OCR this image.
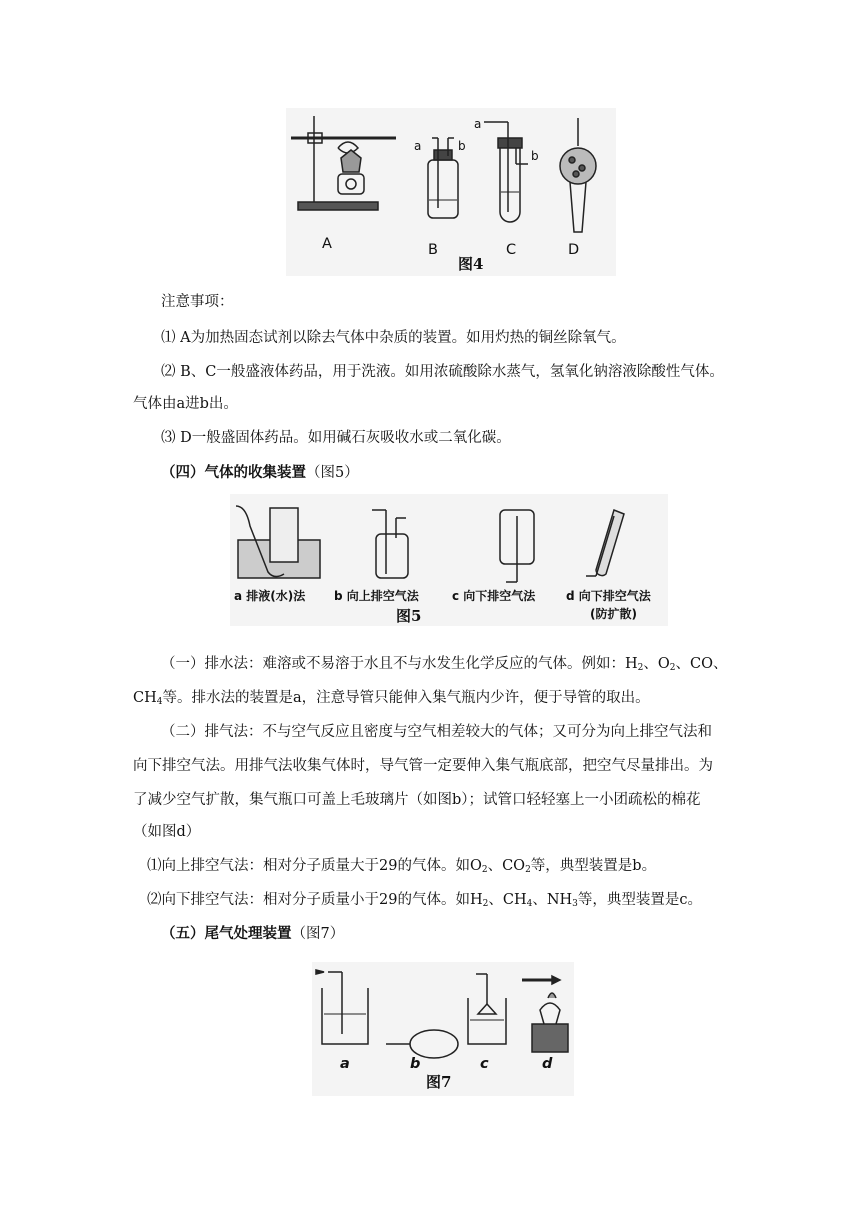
a	b
a
b
A	B	C	D
图4
注意事项：
⑴ A为加热固态试剂以除去气体中杂质的装置。如用灼热的铜丝除氧气。
⑵ B、C一般盛液体药品，用于洗液。如用浓硫酸除水蒸气，氢氧化钠溶液除酸性气体。
气体由a进b出。
⑶ D一般盛固体药品。如用碱石灰吸收水或二氧化碳。
（四）气体的收集装置（图5）
a 排液(水)法 b 向上排空气法	c 向下排空气法	d 向下排空气法
(防扩散)
图5
（一）排水法：难溶或不易溶于水且不与水发生化学反应的气体。例如：$H_2$、$O_2$、CO、
$CH_4$等。排水法的装置是a，注意导管只能伸入集气瓶内少许，便于导管的取出。
（二）排气法：不与空气反应且密度与空气相差较大的气体；又可分为向上排空气法和
向下排空气法。用排气法收集气体时，导气管一定要伸入集气瓶底部，把空气尽量排出。为
了减少空气扩散，集气瓶口可盖上毛玻璃片（如图b）；试管口轻轻塞上一小团疏松的棉花
（如图d）
⑴向上排空气法：相对分子质量大于29的气体。如$O_2$、$CO_2$等，典型装置是b。
⑵向下排空气法：相对分子质量小于29的气体。如$H_2$、$CH_4$、$NH_3$等，典型装置是c。
（五）尾气处理装置（图7）
a	b	c	d
图7
